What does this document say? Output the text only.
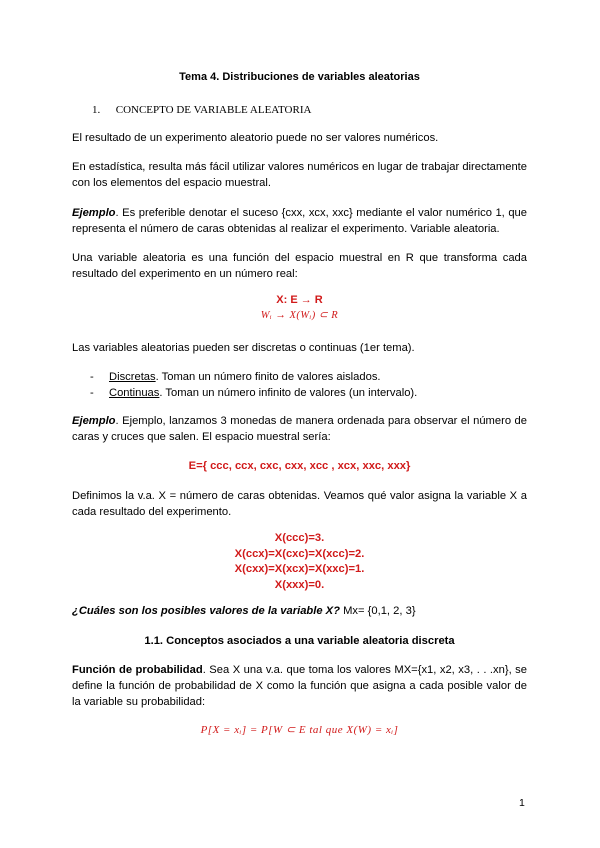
Tema 4. Distribuciones de variables aleatorias
1. CONCEPTO DE VARIABLE ALEATORIA
El resultado de un experimento aleatorio puede no ser valores numéricos.
En estadística, resulta más fácil utilizar valores numéricos en lugar de trabajar directamente con los elementos del espacio muestral.
Ejemplo. Es preferible denotar el suceso {cxx, xcx, xxc} mediante el valor numérico 1, que representa el número de caras obtenidas al realizar el experimento. Variable aleatoria.
Una variable aleatoria es una función del espacio muestral en R que transforma cada resultado del experimento en un número real:
X: E → R
Wᵢ → X(Wᵢ) ⊂ R
Las variables aleatorias pueden ser discretas o continuas (1er tema).
- Discretas. Toman un número finito de valores aislados.
- Continuas. Toman un número infinito de valores (un intervalo).
Ejemplo. Ejemplo, lanzamos 3 monedas de manera ordenada para observar el número de caras y cruces que salen. El espacio muestral sería:
E={ ccc, ccx, cxc, cxx, xcc , xcx, xxc, xxx}
Definimos la v.a. X = número de caras obtenidas. Veamos qué valor asigna la variable X a cada resultado del experimento.
X(ccc)=3.
X(ccx)=X(cxc)=X(xcc)=2.
X(cxx)=X(xcx)=X(xxc)=1.
X(xxx)=0.
¿Cuáles son los posibles valores de la variable X? Mx= {0,1, 2, 3}
1.1. Conceptos asociados a una variable aleatoria discreta
Función de probabilidad. Sea X una v.a. que toma los valores MX={x1, x2, x3, . . .xn}, se define la función de probabilidad de X como la función que asigna a cada posible valor de la variable su probabilidad:
P[X = xᵢ] = P[W ⊂ E tal que X(W) = xᵢ]
1
